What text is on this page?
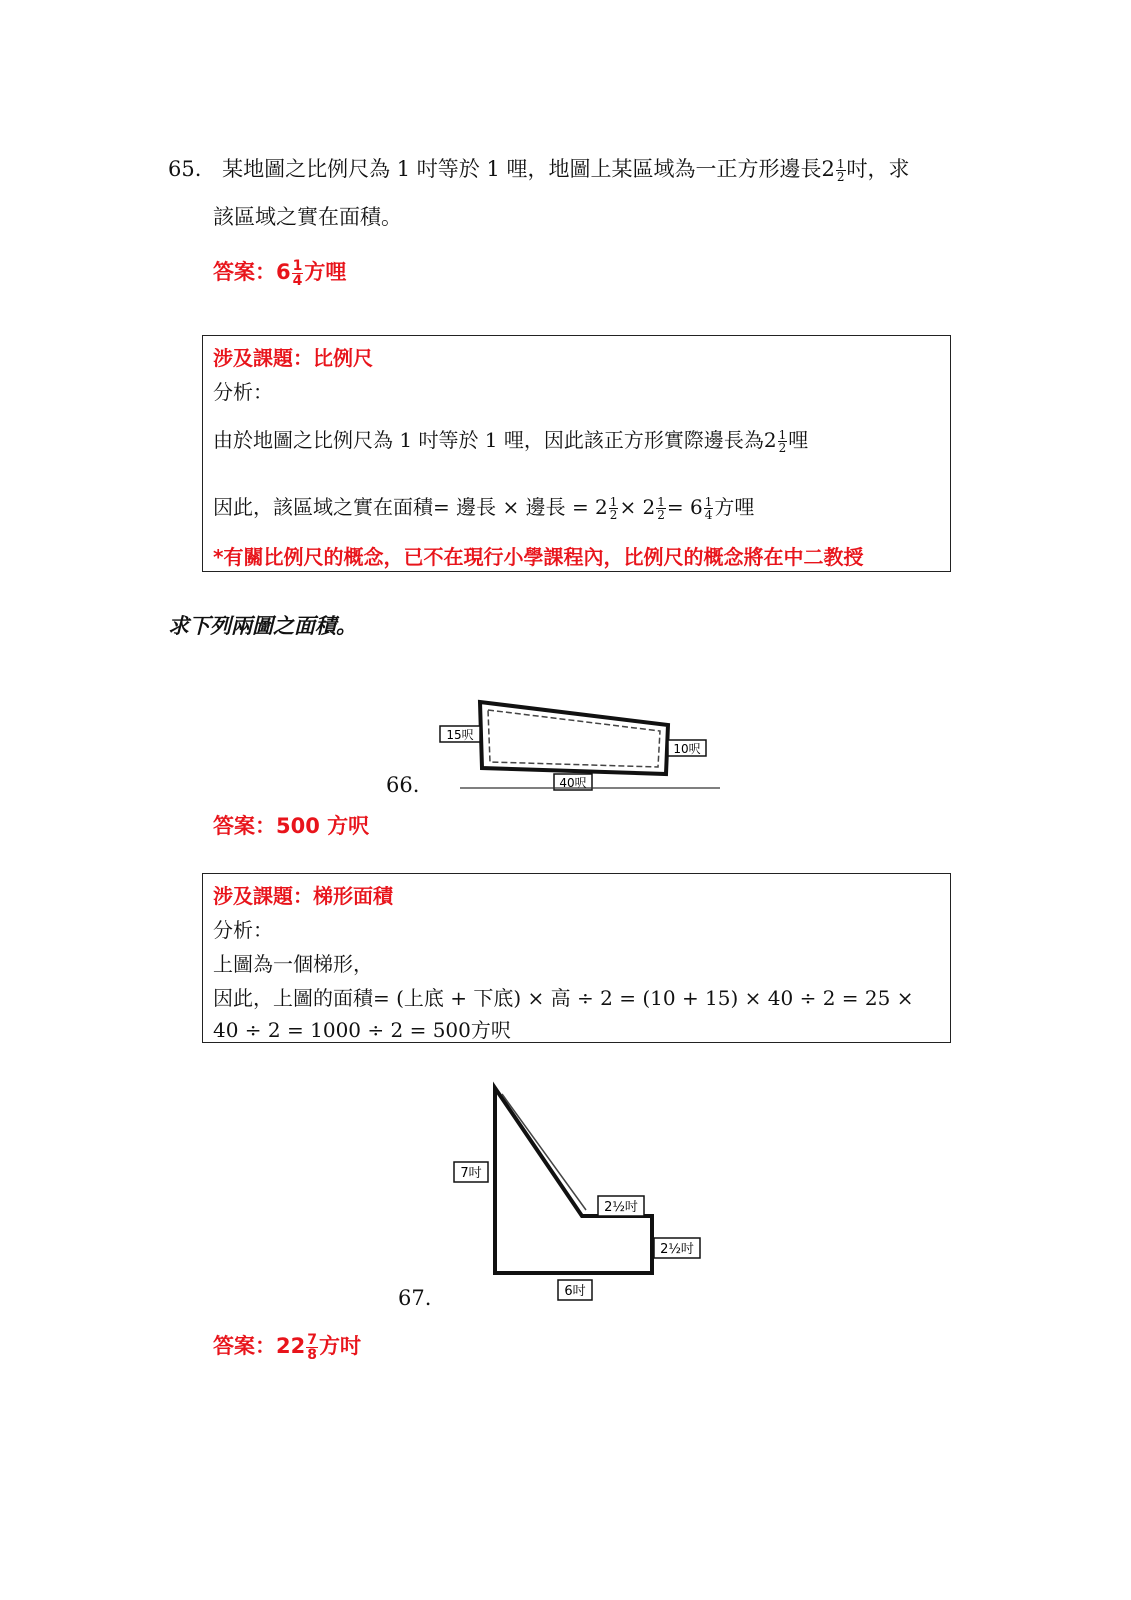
65. 某地圖之比例尺為 1 吋等於 1 哩，地圖上某區域為一正方形邊長$2 \frac{1}{2}$ 吋，求
該區域之實在面積。
答案：$6 \frac{1}{4}$ 方哩
涉及課題：比例尺
分析：
由於地圖之比例尺為 1 吋等於 1 哩，因此該正方形實際邊長為$2 \frac{1}{2}$ 哩
因此，該區域之實在面積= 邊長 × 邊長 = $2 \frac{1}{2} \times 2 \frac{1}{2} = 6 \frac{1}{4}$ 方哩
*有關比例尺的概念，已不在現行小學課程內，比例尺的概念將在中二教授
求下列兩圖之面積。
66.
15呎
10呎
40呎
答案：500 方呎
涉及課題：梯形面積
分析：
上圖為一個梯形，
因此，上圖的面積= (上底 + 下底) × 高 ÷ 2 = (10 + 15) × 40 ÷ 2 = 25 ×
40 ÷ 2 = 1000 ÷ 2 = 500方呎
67.
7吋
2½吋
2½吋
6吋
答案：$22 \frac{7}{8}$ 方吋
